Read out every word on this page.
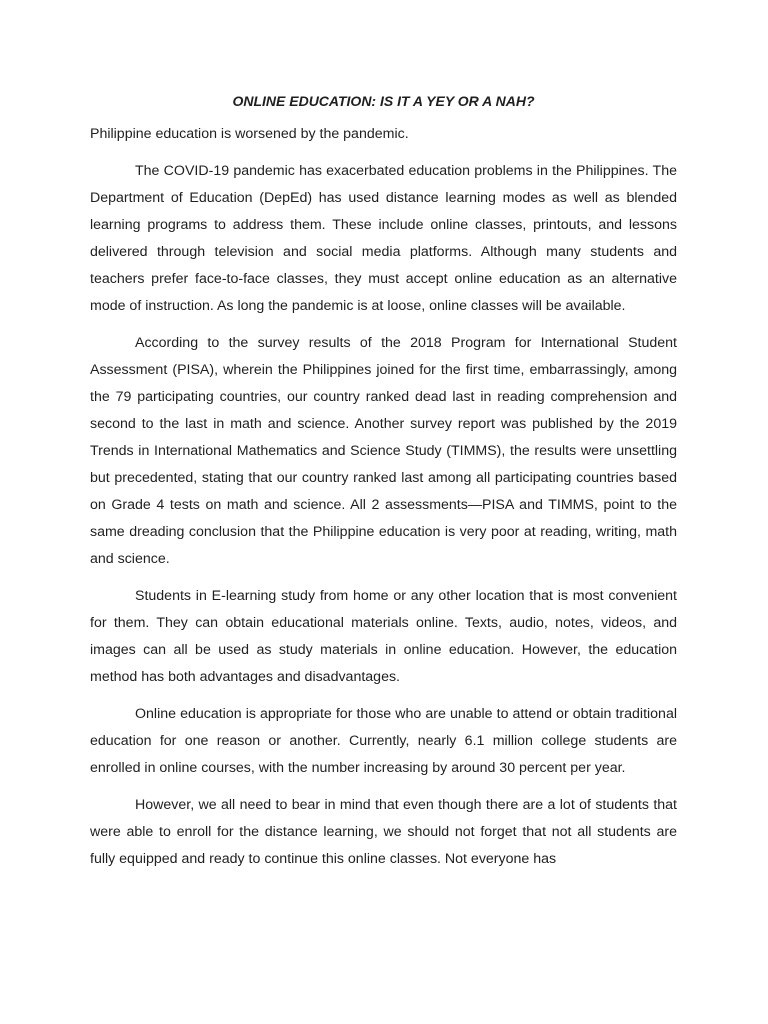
ONLINE EDUCATION: IS IT A YEY OR A NAH?

Philippine education is worsened by the pandemic.

The COVID-19 pandemic has exacerbated education problems in the Philippines. The Department of Education (DepEd) has used distance learning modes as well as blended learning programs to address them. These include online classes, printouts, and lessons delivered through television and social media platforms. Although many students and teachers prefer face-to-face classes, they must accept online education as an alternative mode of instruction. As long the pandemic is at loose, online classes will be available.

According to the survey results of the 2018 Program for International Student Assessment (PISA), wherein the Philippines joined for the first time, embarrassingly, among the 79 participating countries, our country ranked dead last in reading comprehension and second to the last in math and science. Another survey report was published by the 2019 Trends in International Mathematics and Science Study (TIMMS), the results were unsettling but precedented, stating that our country ranked last among all participating countries based on Grade 4 tests on math and science. All 2 assessments—PISA and TIMMS, point to the same dreading conclusion that the Philippine education is very poor at reading, writing, math and science.

Students in E-learning study from home or any other location that is most convenient for them. They can obtain educational materials online. Texts, audio, notes, videos, and images can all be used as study materials in online education. However, the education method has both advantages and disadvantages.

Online education is appropriate for those who are unable to attend or obtain traditional education for one reason or another. Currently, nearly 6.1 million college students are enrolled in online courses, with the number increasing by around 30 percent per year.

However, we all need to bear in mind that even though there are a lot of students that were able to enroll for the distance learning, we should not forget that not all students are fully equipped and ready to continue this online classes. Not everyone has
